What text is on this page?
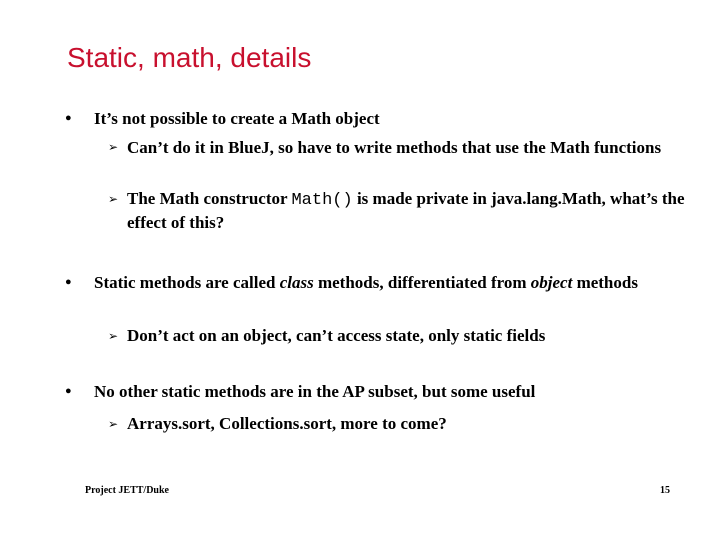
Static, math, details
● It’s not possible to create a Math object
➢ Can’t do it in BlueJ, so have to write methods that use the Math functions
➢ The Math constructor Math() is made private in java.lang.Math, what’s the effect of this?
● Static methods are called class methods, differentiated from object methods
➢ Don’t act on an object, can’t access state, only static fields
● No other static methods are in the AP subset, but some useful
➢ Arrays.sort, Collections.sort, more to come?
Project JETT/Duke	15
